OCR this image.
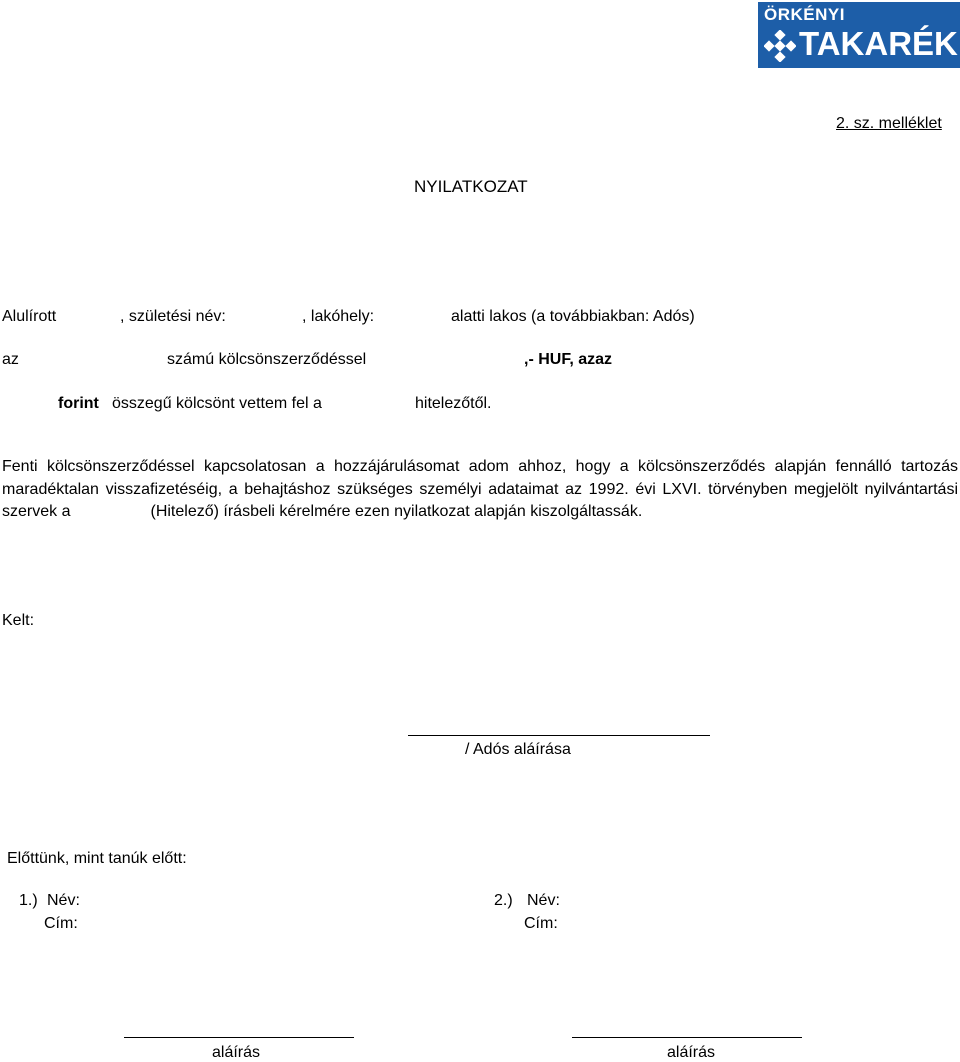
ÖRKÉNYI
TAKARÉK
2. sz. melléklet
NYILATKOZAT
Alulírott	, születési név:	, lakóhely:	alatti lakos (a továbbiakban: Adós)
az	számú kölcsönszerződéssel	,- HUF, azaz
forint összegű kölcsönt vettem fel a	hitelezőtől.
Fenti kölcsönszerződéssel kapcsolatosan a hozzájárulásomat adom ahhoz, hogy a kölcsönszerződés alapján fennálló tartozás maradéktalan visszafizetéséig, a behajtáshoz szükséges személyi adataimat az 1992. évi LXVI. törvényben megjelölt nyilvántartási szervek a	(Hitelező) írásbeli kérelmére ezen nyilatkozat alapján kiszolgáltassák.
Kelt:
/ Adós aláírása
Előttünk, mint tanúk előtt:
1.) Név:
Cím:
2.) Név:
Cím:
aláírás	aláírás
